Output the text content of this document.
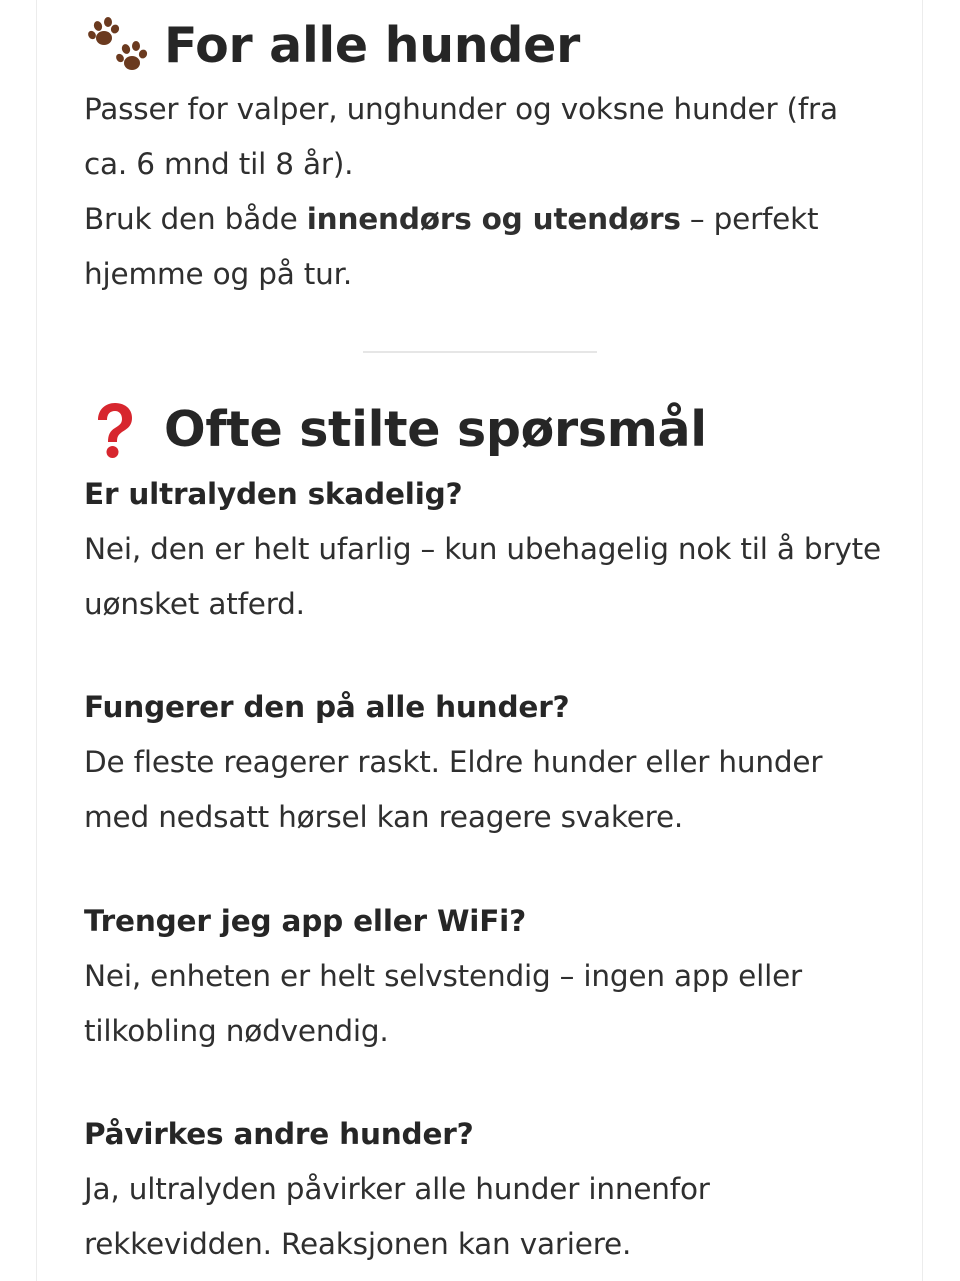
For alle hunder

Passer for valper, unghunder og voksne hunder (fra ca. 6 mnd til 8 år).

Bruk den både innendørs og utendørs – perfekt hjemme og på tur.

Ofte stilte spørsmål

Er ultralyden skadelig?

Nei, den er helt ufarlig – kun ubehagelig nok til å bryte uønsket atferd.

Fungerer den på alle hunder?

De fleste reagerer raskt. Eldre hunder eller hunder med nedsatt hørsel kan reagere svakere.

Trenger jeg app eller WiFi?

Nei, enheten er helt selvstendig – ingen app eller tilkobling nødvendig.

Påvirkes andre hunder?

Ja, ultralyden påvirker alle hunder innenfor rekkevidden. Reaksjonen kan variere.
